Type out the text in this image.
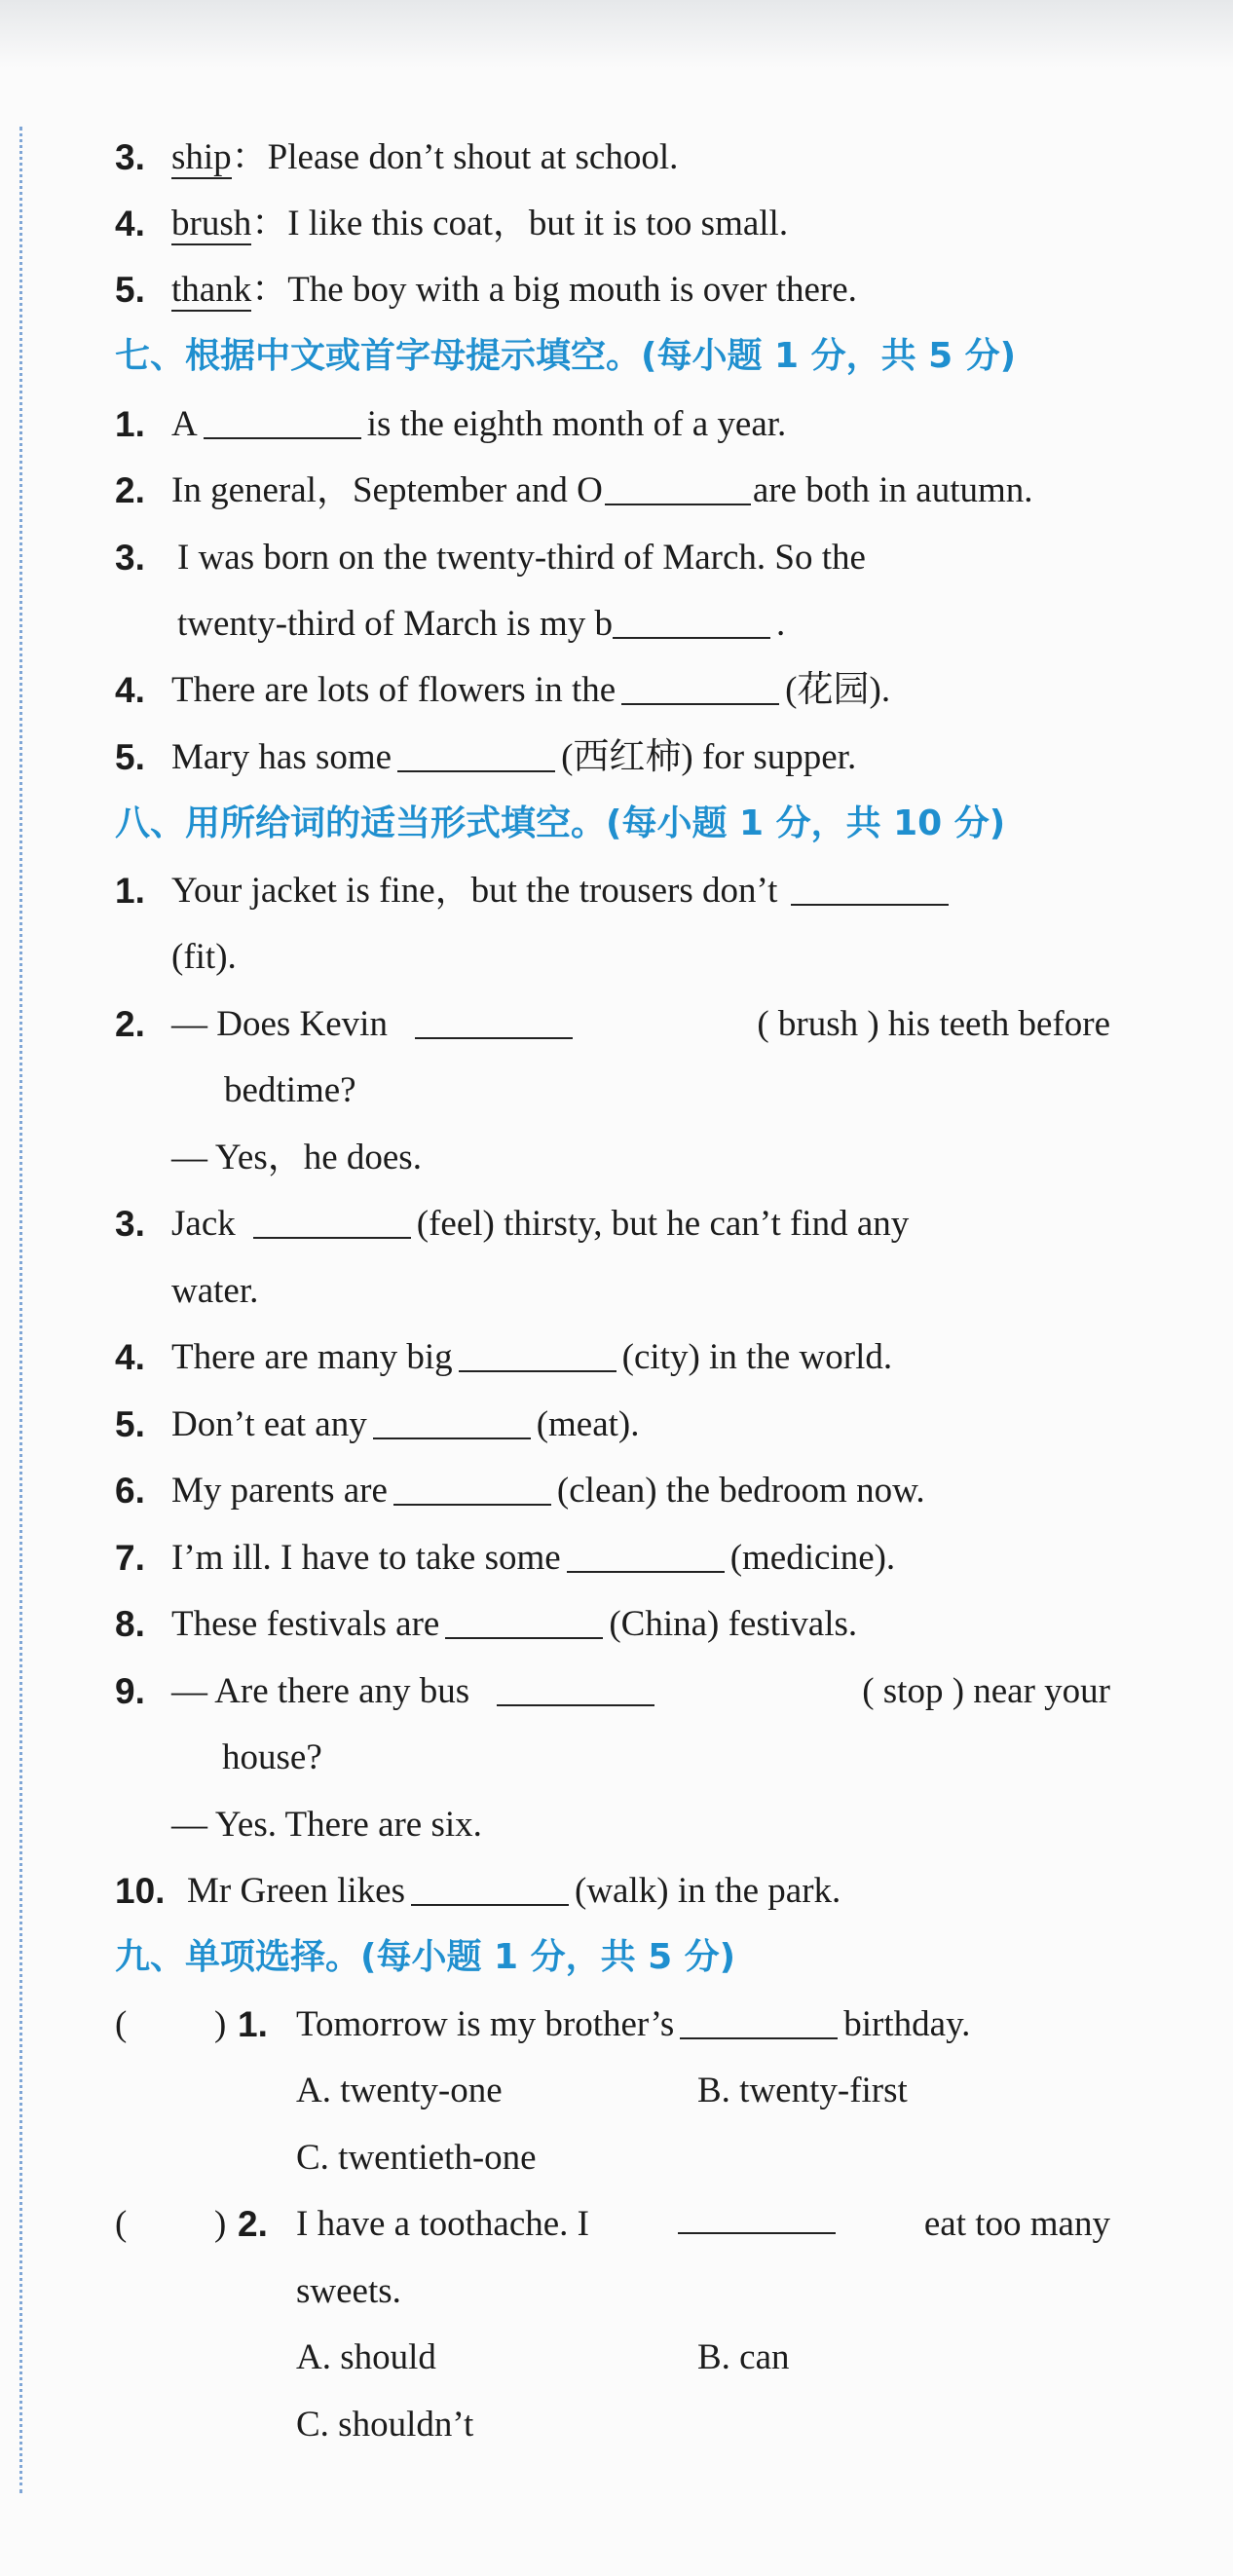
3. ship：Please don’t shout at school.
4. brush：I like this coat，but it is too small.
5. thank：The boy with a big mouth is over there.
七、根据中文或首字母提示填空。(每小题 1 分，共 5 分)
1. A	is the eighth month of a year.
2. In general，September and O	are both in autumn.
3. I was born on the twenty-third of March. So the
twenty-third of March is my b	.
4. There are lots of flowers in the	(花园).
5. Mary has some	(西红柿) for supper.
八、用所给词的适当形式填空。(每小题 1 分，共 10 分)
1. Your jacket is fine，but the trousers don’t
(fit).
2. — Does Kevin	( brush ) his teeth before
bedtime?
— Yes，he does.
3. Jack	(feel) thirsty, but he can’t find any
water.
4. There are many big	(city) in the world.
5. Don’t eat any	(meat).
6. My parents are	(clean) the bedroom now.
7. I’m ill. I have to take some	(medicine).
8. These festivals are	(China) festivals.
9. — Are there any bus	( stop ) near your
house?
— Yes. There are six.
10. Mr Green likes	(walk) in the park.
九、单项选择。(每小题 1 分，共 5 分)
( ) 1. Tomorrow is my brother’s	birthday.
A. twenty-one	B. twenty-first
C. twentieth-one
( ) 2. I have a toothache. I	eat too many
sweets.
A. should	B. can
C. shouldn’t
